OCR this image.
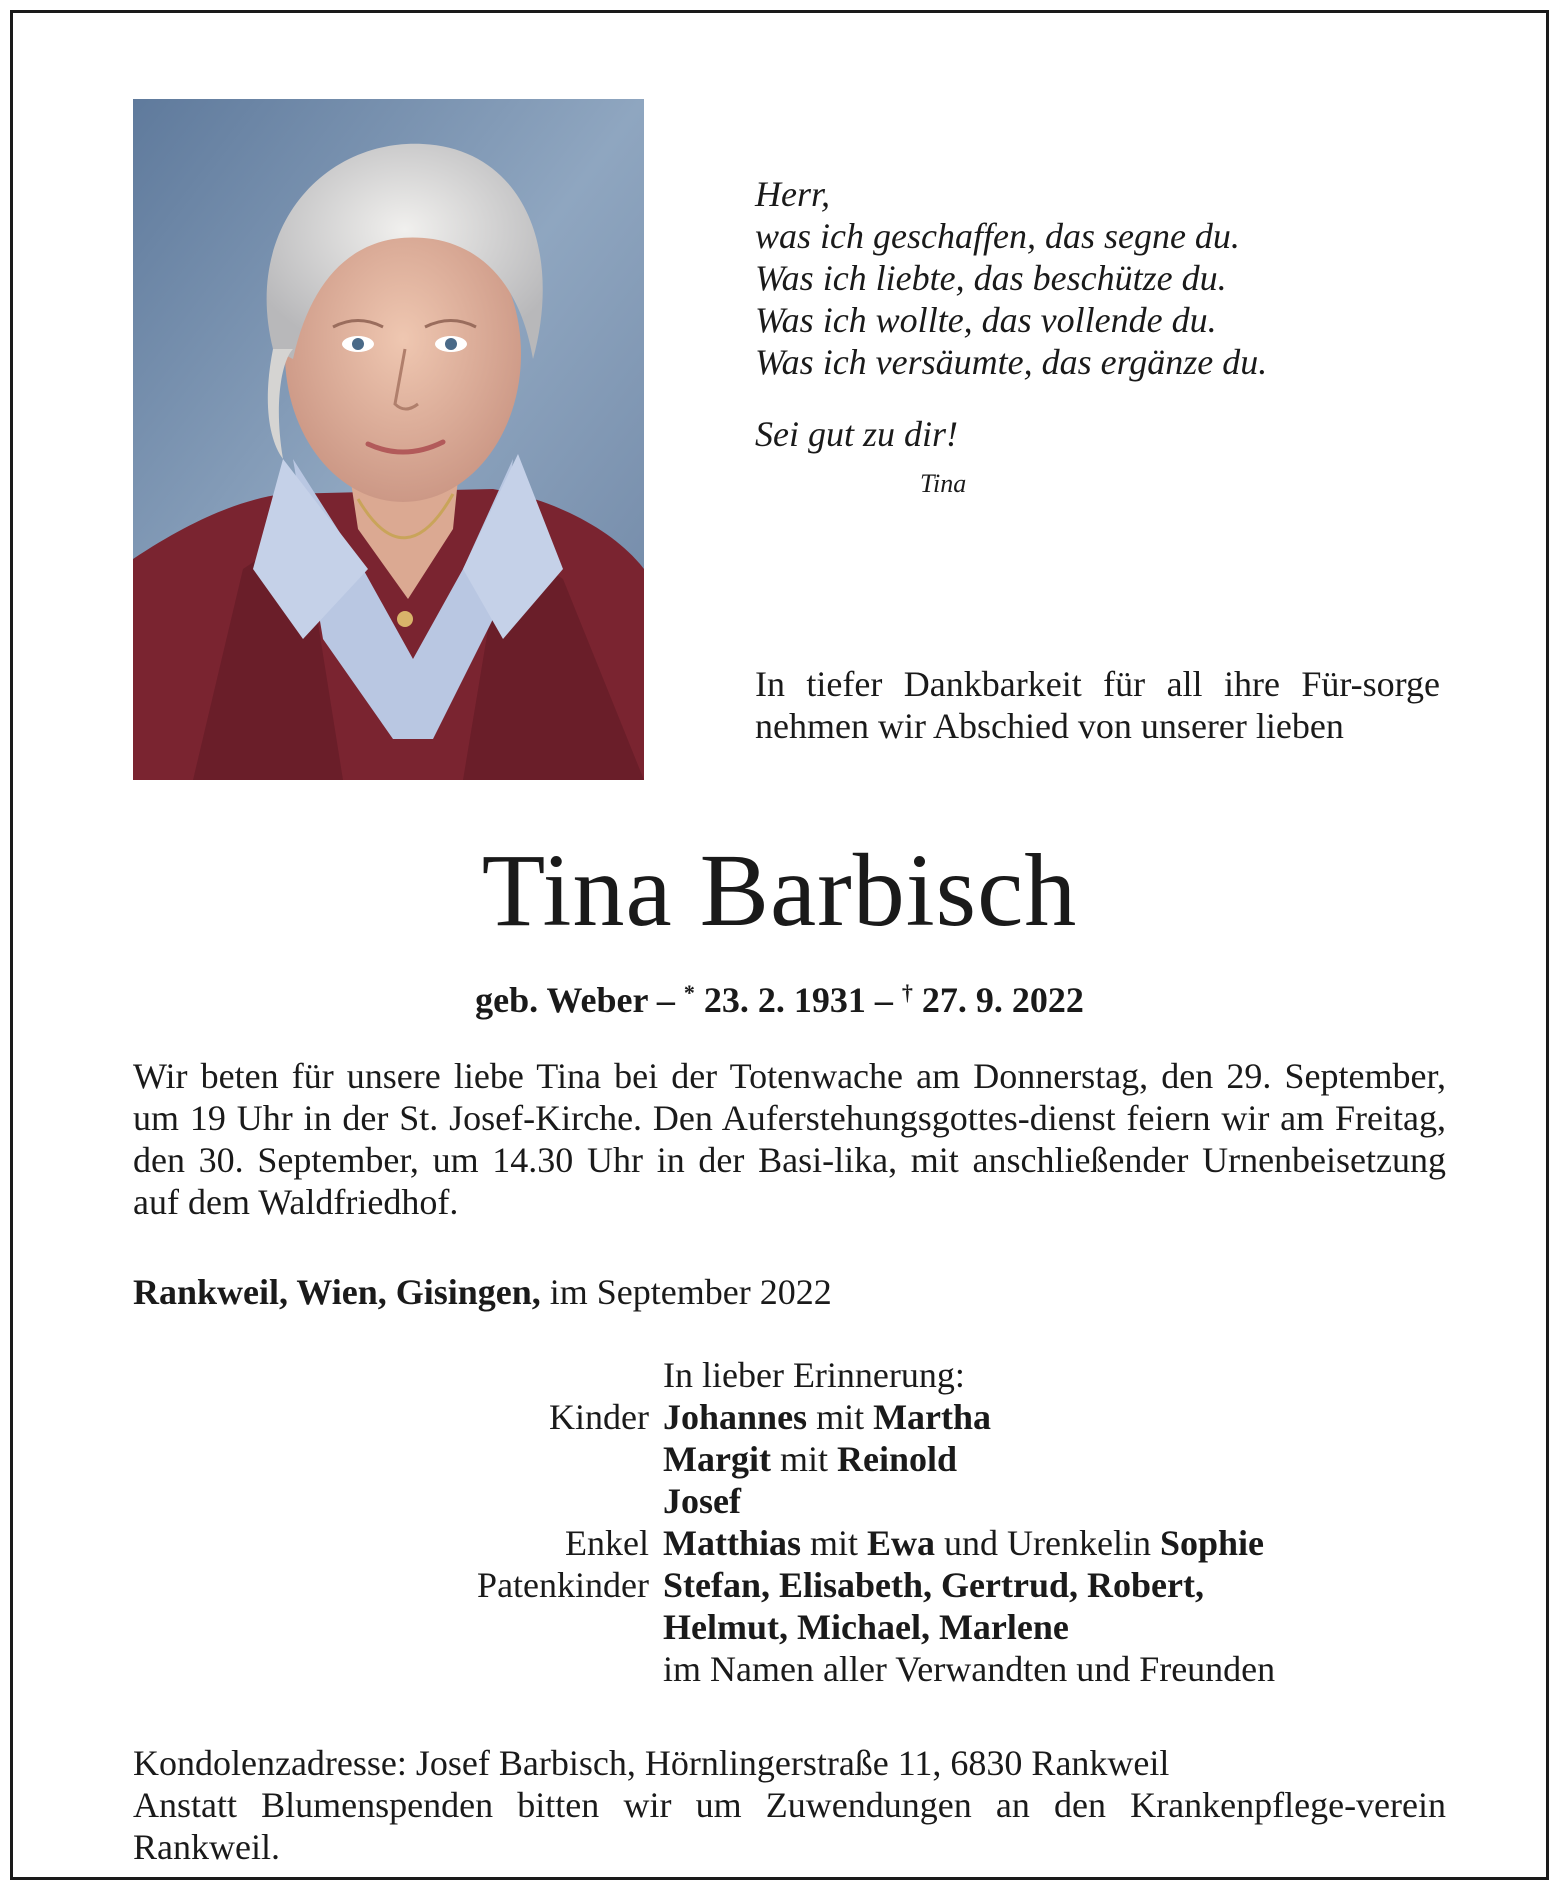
Herr,
was ich geschaffen, das segne du.
Was ich liebte, das beschütze du.
Was ich wollte, das vollende du.
Was ich versäumte, das ergänze du.
Sei gut zu dir!
Tina
In tiefer Dankbarkeit für all ihre Für-sorge nehmen wir Abschied von unserer lieben
Tina Barbisch
geb. Weber – * 23. 2. 1931 – † 27. 9. 2022
Wir beten für unsere liebe Tina bei der Totenwache am Donnerstag, den 29. September, um 19 Uhr in der St. Josef-Kirche. Den Auferstehungsgottes-dienst feiern wir am Freitag, den 30. September, um 14.30 Uhr in der Basi-lika, mit anschließender Urnenbeisetzung auf dem Waldfriedhof.
Rankweil, Wien, Gisingen, im September 2022
In lieber Erinnerung:
Kinder Johannes mit Martha
Margit mit Reinold
Josef
Enkel Matthias mit Ewa und Urenkelin Sophie
Patenkinder Stefan, Elisabeth, Gertrud, Robert,
Helmut, Michael, Marlene
im Namen aller Verwandten und Freunden
Kondolenzadresse: Josef Barbisch, Hörnlingerstraße 11, 6830 Rankweil
Anstatt Blumenspenden bitten wir um Zuwendungen an den Krankenpflege-verein Rankweil.
